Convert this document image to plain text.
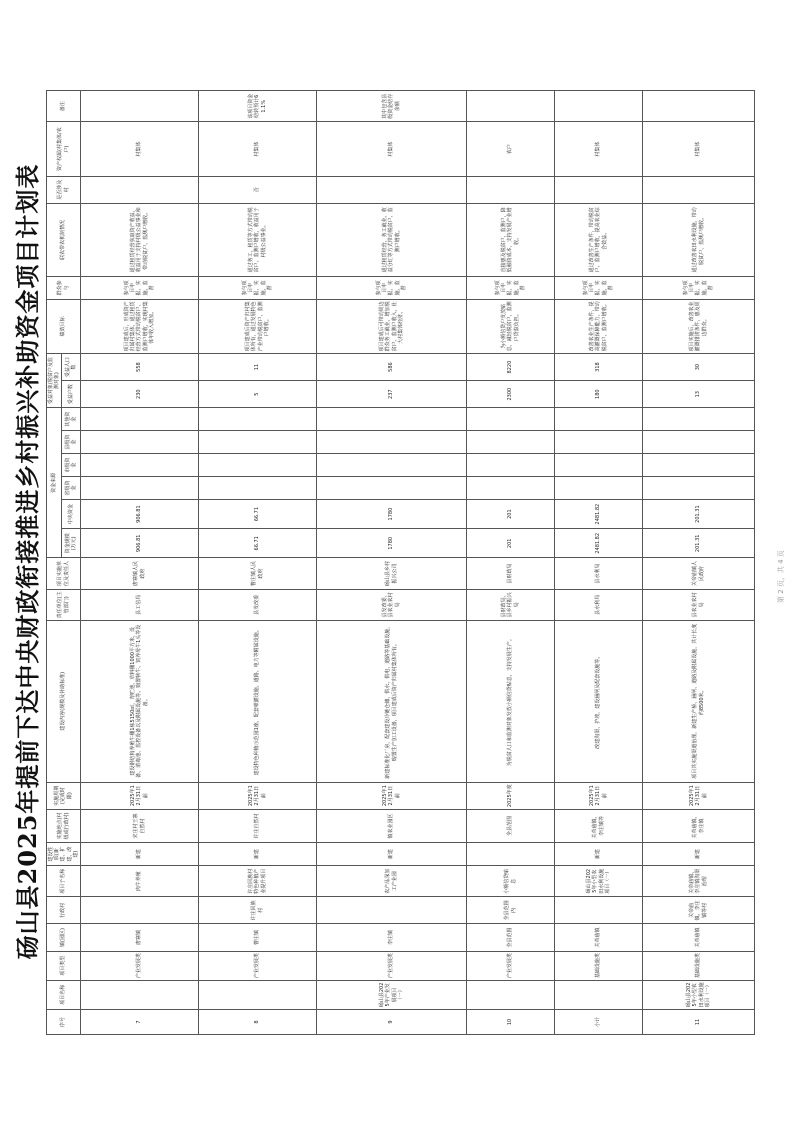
砀山县2025年提前下达中央财政衔接推进乡村振兴补助资金项目计划表
序号	项目名称	项目类型	镇(园区)	行政村	项目子名称	建设性质(新建、扩建、改建)	实施地点(村级或行政村)	实施周期(完成时限)	建设内容(规模及补助标准)	责任单位(主管部门)	项目实施单位及责任人	资金来源						受益对象(脱贫户及监测对象)		绩效目标	群众参与	联农带农机制情况	是否涉及村	资产权属(村集体/农户)	备注
												资金规模(万元)	中央资金	省级资金	市级资金	县级资金	其他资金	受益户数	受益人口数						

7		产业发展类	唐寨镇		肉牛养殖	新建	宋庄村王寨自然村	2025年12月31日前	建设钢结构养殖牛棚1栋5150㎡，青贮池、草料棚1000平方米，设备、消毒池、监控设备以及附属设施等。购置犊牛、饲养母牛1头等设备。	县工信局	唐寨镇人民政府	906.81	906.81					230	558	项目建成后，形成资产归属村集体，通过租赁经营方式带动脱贫户、监测户增收，实现村集体年收入增加。	参与项目申报、实施、监督	通过租赁经营获取资产收益，收益用于支持村级公益事业和带动脱贫户、监测户增收。		村集体	
8		产业发展类	曹庄镇	许庄回族村	许庄回族村特色种植产业提升项目	新建	许庄自然村	2025年12月31日前	建设特色种植示范园1座，配套喷灌设施、道路、电力等附属设施。	县发改委	曹庄镇人民政府	66.71	66.71					5	11	项目建成后资产归村集体所有，通过发展特色产业带动脱贫户、监测户增收。	参与项目申报、实施、监督	通过务工、租赁等方式带动脱贫户、监测户增收，收益用于村级公益事业。	否	村集体	该项目资金结转预计61.1%
9	砀山县2025年产业发展项目（一）	产业发展类	李庄镇		农产品深加工产业园	新建	镇农业园区	2025年12月31日前	新建标准化厂房，配套建设冷链仓储、供水、供电、道路等基础设施，购置生产加工设备，项目建成后资产归属村集体所有。	县发改委、县农业农村局	砀山县乡村振兴公司	1780	1780					237	586	项目建成后可带动周边群众务工就业，增加脱贫户、监测户收入，壮大村集体经济。	参与项目申报、实施、监督	通过租赁经营、务工就业、收益分红等方式带动脱贫户、监测户增收。		村集体	其中包含县级资金结存余额
10		产业发展类	全县范围	全县范围内	小额信贷贴息		全县范围	2025年度	为脱贫人口和监测对象发放小额信贷贴息，支持发展生产。	县财政局、县乡村振兴局	县财政局	201	201					2300	8220	为小额信贷户发放贴息，减轻脱贫户、监测户贷款负担。	参与项目申报、实施、监督	直接惠及脱贫户、监测户，降低融资成本，支持发展产业增收。		农户	
小计		基础设施类	关帝庙镇		砀山县2025年小型农田水利设施项目（一）	新建	关帝庙镇、李庄镇等	2025年12月31日前	改建沟渠、护坡，建设涵闸及配套设施等。	县水利局	县水利局	2481.82	2481.82					180	318	改善农业生产条件，提高灌溉保障能力，带动脱贫户、监测户增收。	参与项目申报、实施、监督	通过改善生产条件，带动脱贫户、监测户增收，提高农业综合效益。		村集体	
11	砀山县2025年小型农田水利设施项目（一）	基础设施类	关帝庙镇	关帝庙镇、李庄镇等村	关帝庙镇、李庄镇沟渠治理	新建	关帝庙镇、李庄镇	2025年12月31日前	项目共实施渠道治理，新建生产桥、涵闸、道路及附属设施，共计长度约8500米。	县农业农村局	关帝庙镇人民政府	201.31	201.31					13	30	项目实施后，改善农业灌溉排涝条件，惠及周边群众。	参与项目申报、实施、监督	通过改善农田水利设施，带动脱贫户、监测户增收。		村集体	
第 2 页，共 4 页
